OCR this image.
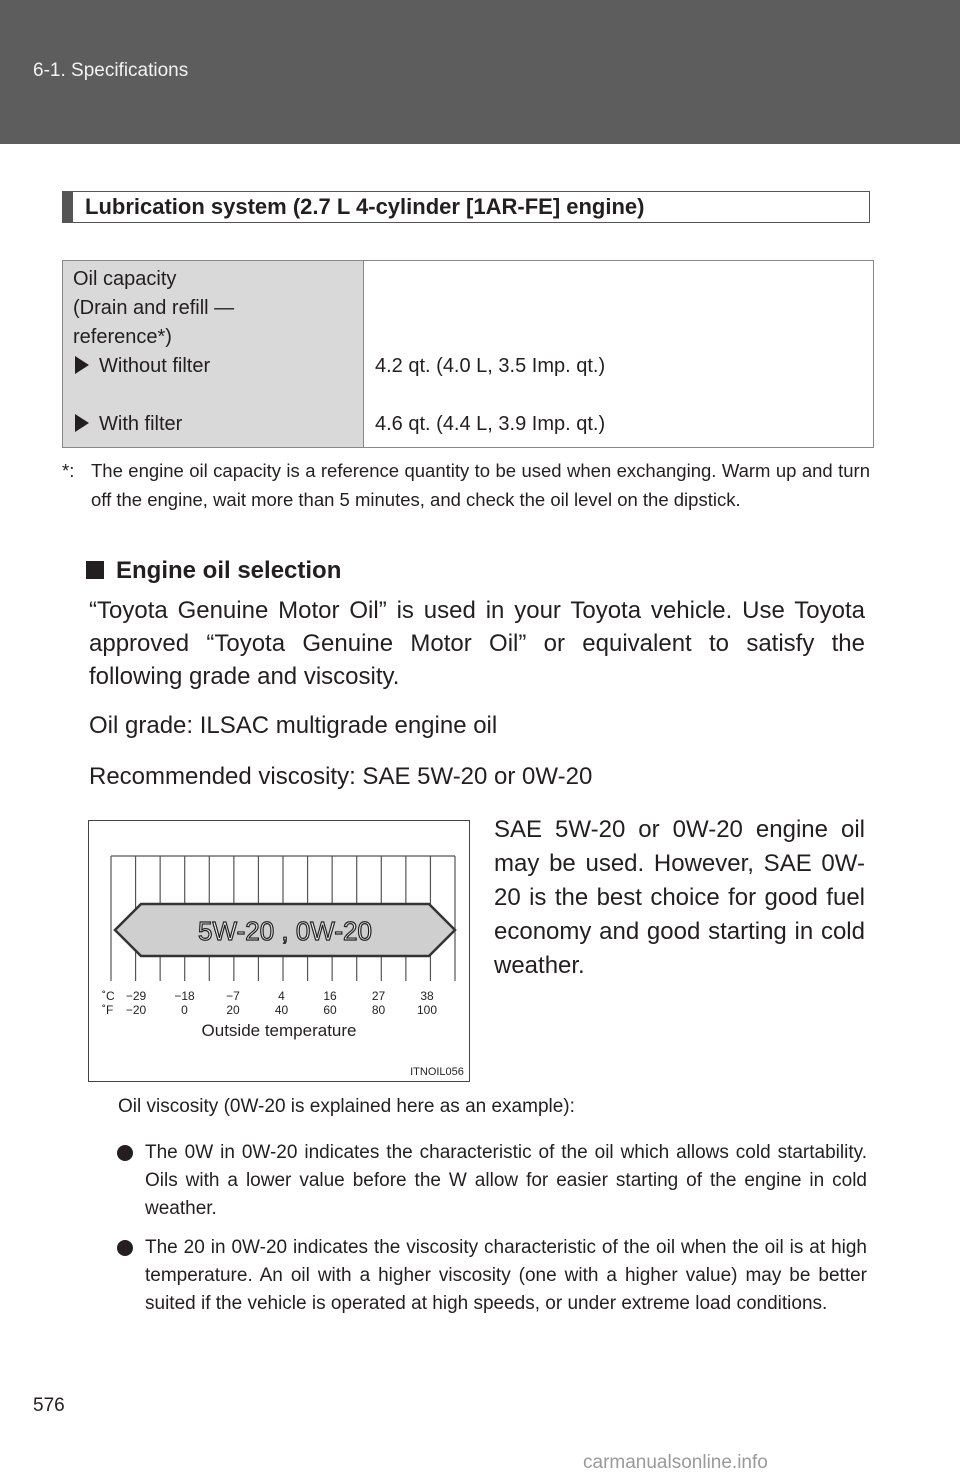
6-1. Specifications
Lubrication system (2.7 L 4-cylinder [1AR-FE] engine)
Oil capacity
(Drain and refill —
reference*)
Without filter	4.2 qt. (4.0 L, 3.5 Imp. qt.)
With filter	4.6 qt. (4.4 L, 3.9 Imp. qt.)
*: The engine oil capacity is a reference quantity to be used when exchanging. Warm up and turn off the engine, wait more than 5 minutes, and check the oil level on the dipstick.
Engine oil selection
“Toyota Genuine Motor Oil” is used in your Toyota vehicle. Use Toyota approved “Toyota Genuine Motor Oil” or equivalent to satisfy the following grade and viscosity.
Oil grade: ILSAC multigrade engine oil
Recommended viscosity: SAE 5W-20 or 0W-20
SAE 5W-20 or 0W-20 engine oil may be used. However, SAE 0W-20 is the best choice for good fuel economy and good starting in cold weather.
5W-20 , 0W-20
˚C
˚F
−29 −18	−7	4	16	27	38
−20	0	20	40	60	80	100
Outside temperature
ITNOIL056
Oil viscosity (0W-20 is explained here as an example):
The 0W in 0W-20 indicates the characteristic of the oil which allows cold startability. Oils with a lower value before the W allow for easier starting of the engine in cold weather.
The 20 in 0W-20 indicates the viscosity characteristic of the oil when the oil is at high temperature. An oil with a higher viscosity (one with a higher value) may be better suited if the vehicle is operated at high speeds, or under extreme load conditions.
576
carmanualsonline.info
